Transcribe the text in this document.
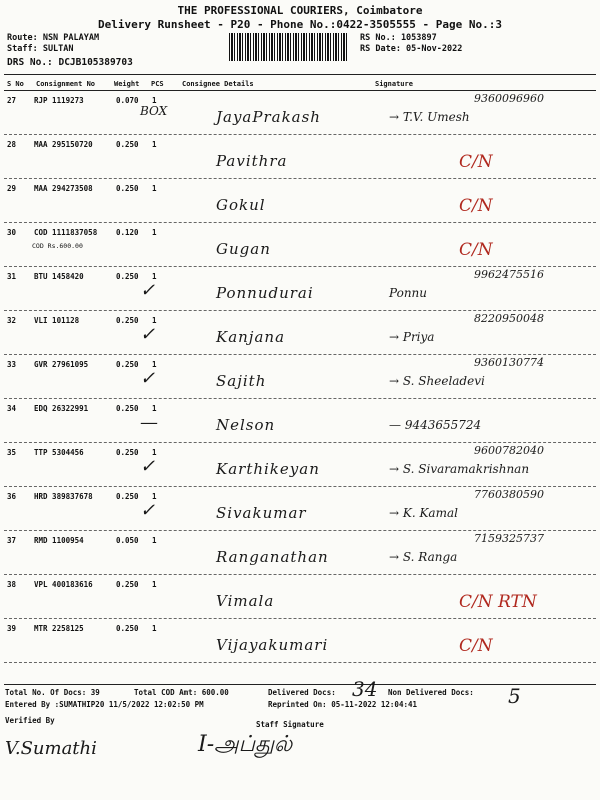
THE PROFESSIONAL COURIERS, Coimbatore
Delivery Runsheet - P20 - Phone No.:0422-3505555 - Page No.:3
Route: NSN PALAYAM
Staff: SULTAN
DRS No.: DCJB105389703
RS No.: 1053897
RS Date: 05-Nov-2022
S No Consignment No	Weight PCS	Consignee Details	Signature
27 RJP 1119273	0.070 1
BOX	JayaPrakash	→ T.V. Umesh
9360096960
28 MAA 295150720	0.250 1
Pavithra	C/N
29 MAA 294273508	0.250 1
Gokul	C/N
30 COD 1111837058	0.120 1
COD Rs.600.00	Gugan	C/N
31 BTU 1458420	0.250 1
✓	Ponnudurai	Ponnu
9962475516
32 VLI 101128	0.250 1
✓	Kanjana	→ Priya
8220950048
33 GVR 27961095	0.250 1
✓	Sajith	→ S. Sheeladevi
9360130774
34 EDQ 26322991	0.250 1
—	Nelson	— 9443655724
35 TTP 5304456	0.250 1
✓	Karthikeyan	→ S. Sivaramakrishnan
9600782040
36 HRD 389837678	0.250 1
✓	Sivakumar	→ K. Kamal
7760380590
37 RMD 1100954	0.050 1
Ranganathan	→ S. Ranga
7159325737
38 VPL 400183616	0.250 1
Vimala	C/N RTN
39 MTR 2258125	0.250 1
Vijayakumari	C/N
Total No. Of Docs: 39	Total COD Amt: 600.00	Delivered Docs: 34 Non Delivered Docs: 5
Entered By :SUMATHIP20 11/5/2022 12:02:50 PM	Reprinted On: 05-11-2022 12:04:41
Verified By	Staff Signature
V.Sumathi	I-அப்துல்
